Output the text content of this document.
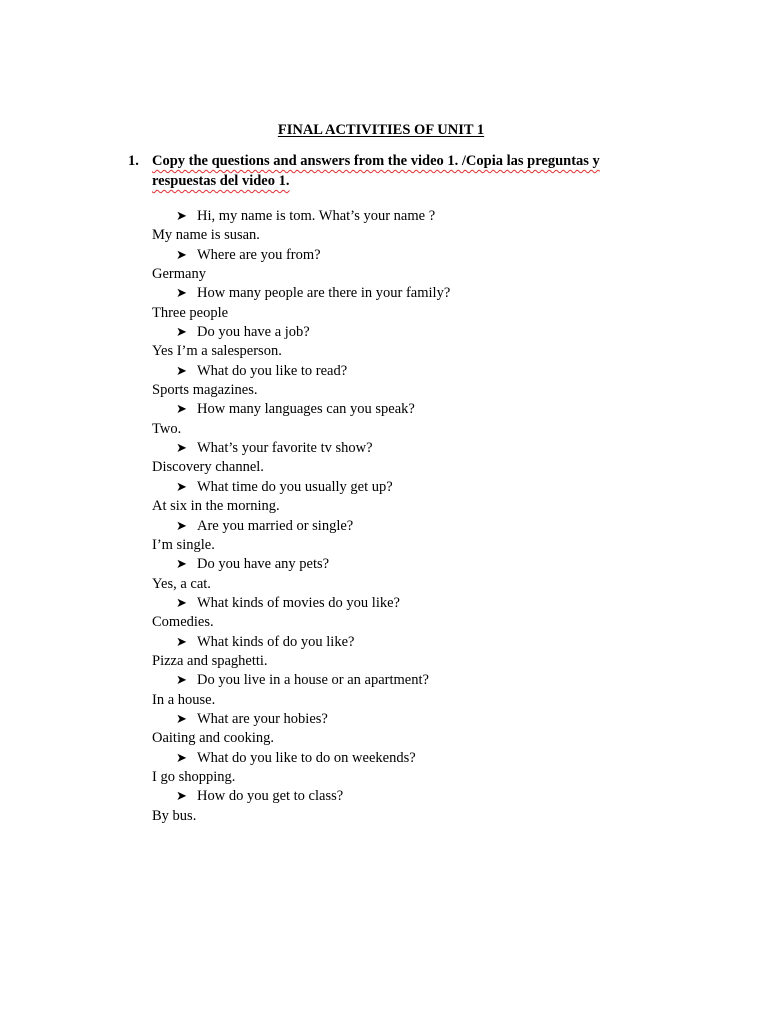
FINAL ACTIVITIES OF UNIT 1
1. Copy the questions and answers from the video 1. /Copia las preguntas y
respuestas del video 1.
➤ Hi, my name is tom. What’s your name ?
My name is susan.
➤ Where are you from?
Germany
➤ How many people are there in your family?
Three people
➤ Do you have a job?
Yes I’m a salesperson.
➤ What do you like to read?
Sports magazines.
➤ How many languages can you speak?
Two.
➤ What’s your favorite tv show?
Discovery channel.
➤ What time do you usually get up?
At six in the morning.
➤ Are you married or single?
I’m single.
➤ Do you have any pets?
Yes, a cat.
➤ What kinds of movies do you like?
Comedies.
➤ What kinds of do you like?
Pizza and spaghetti.
➤ Do you live in a house or an apartment?
In a house.
➤ What are your hobies?
Oaiting and cooking.
➤ What do you like to do on weekends?
I go shopping.
➤ How do you get to class?
By bus.
